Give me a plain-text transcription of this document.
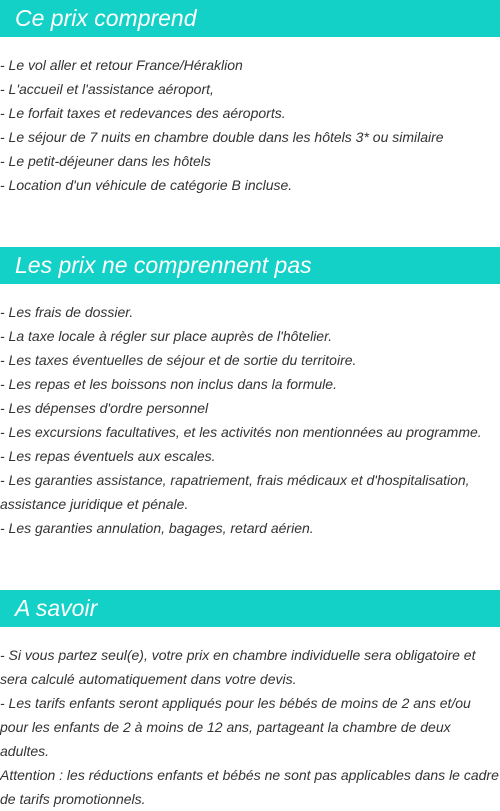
Ce prix comprend
- Le vol aller et retour France/Héraklion
- L'accueil et l'assistance aéroport,
- Le forfait taxes et redevances des aéroports.
- Le séjour de 7 nuits en chambre double dans les hôtels 3* ou similaire
- Le petit-déjeuner dans les hôtels
- Location d'un véhicule de catégorie B incluse.
Les prix ne comprennent pas
- Les frais de dossier.
- La taxe locale à régler sur place auprès de l'hôtelier.
- Les taxes éventuelles de séjour et de sortie du territoire.
- Les repas et les boissons non inclus dans la formule.
- Les dépenses d'ordre personnel
- Les excursions facultatives, et les activités non mentionnées au programme.
- Les repas éventuels aux escales.
- Les garanties assistance, rapatriement, frais médicaux et d'hospitalisation, assistance juridique et pénale.
- Les garanties annulation, bagages, retard aérien.
A savoir
- Si vous partez seul(e), votre prix en chambre individuelle sera obligatoire et sera calculé automatiquement dans votre devis.
- Les tarifs enfants seront appliqués pour les bébés de moins de 2 ans et/ou pour les enfants de 2 à moins de 12 ans, partageant la chambre de deux adultes.
Attention : les réductions enfants et bébés ne sont pas applicables dans le cadre de tarifs promotionnels.
